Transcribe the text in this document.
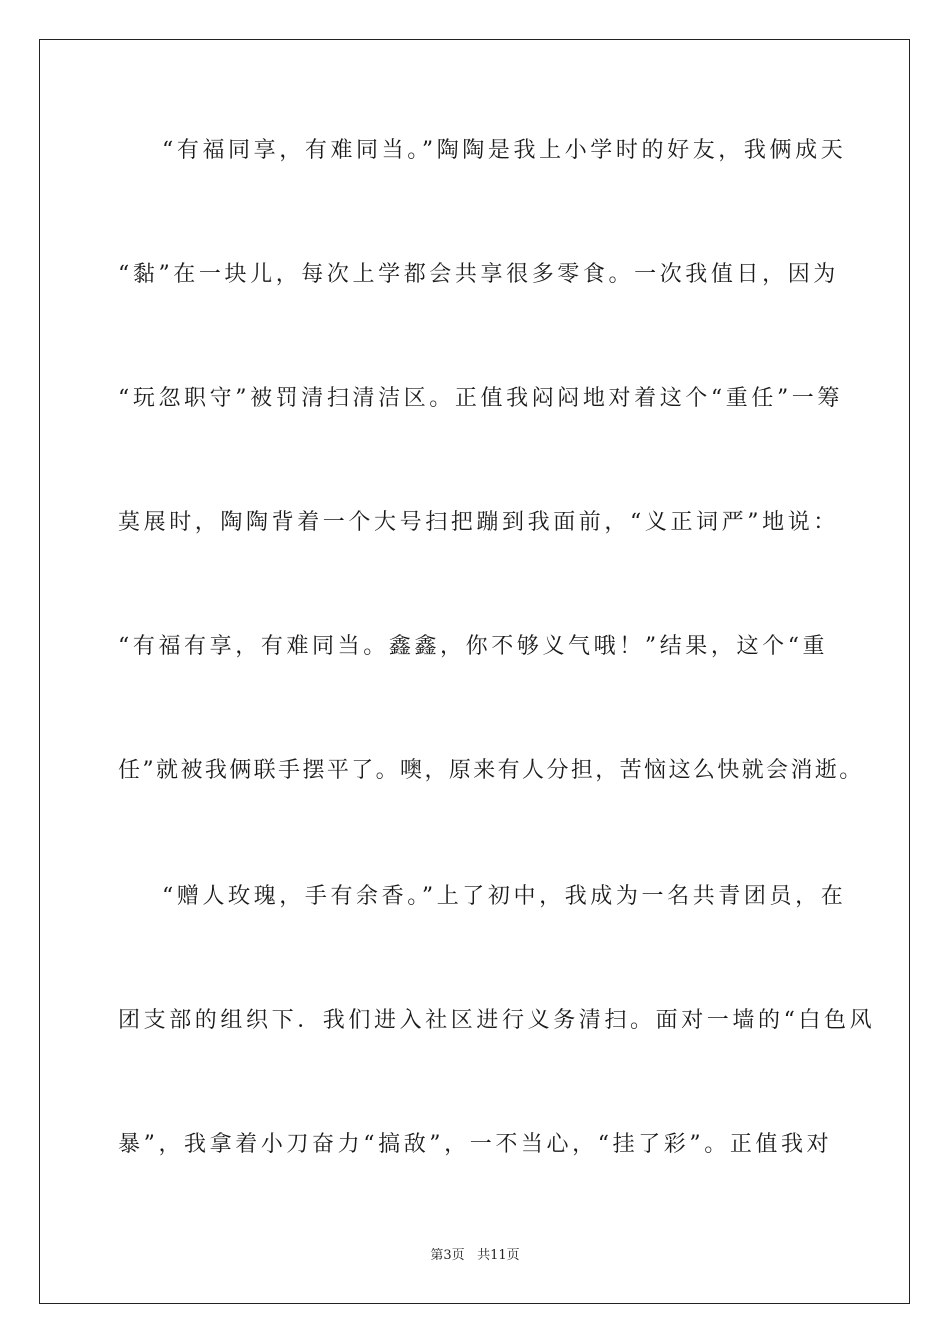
“有福同享，有难同当。”陶陶是我上小学时的好友，我俩成天
“黏”在一块儿，每次上学都会共享很多零食。一次我值日，因为
“玩忽职守”被罚清扫清洁区。正值我闷闷地对着这个“重任”一筹
莫展时，陶陶背着一个大号扫把蹦到我面前，“义正词严”地说：
“有福有享，有难同当。鑫鑫，你不够义气哦！”结果，这个“重
任”就被我俩联手摆平了。噢，原来有人分担，苦恼这么快就会消逝。
“赠人玫瑰，手有余香。”上了初中，我成为一名共青团员，在
团支部的组织下．我们进入社区进行义务清扫。面对一墙的“白色风
暴”，我拿着小刀奋力“搞敌”，一不当心，“挂了彩”。正值我对
第3页 共11页
